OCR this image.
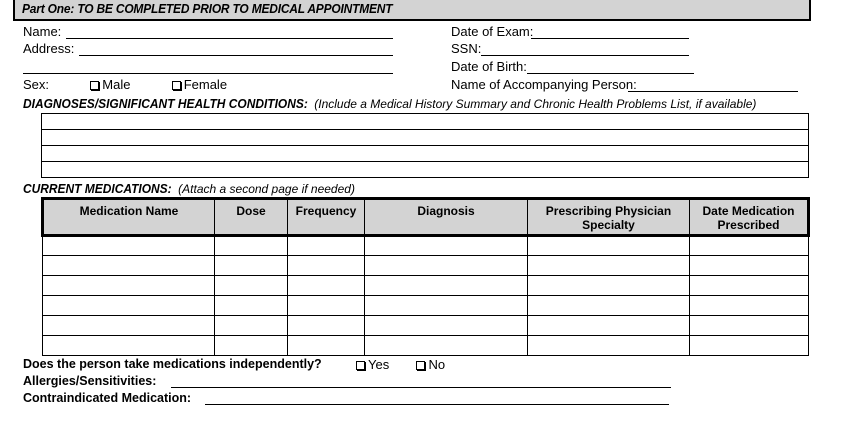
Part One: TO BE COMPLETED PRIOR TO MEDICAL APPOINTMENT
Name:
Address:
Sex:	Male	Female
Date of Exam:
SSN:
Date of Birth:
Name of Accompanying Person:
DIAGNOSES/SIGNIFICANT HEALTH CONDITIONS: (Include a Medical History Summary and Chronic Health Problems List, if available)
CURRENT MEDICATIONS: (Attach a second page if needed)
Medication Name	Dose	Frequency	Diagnosis	Prescribing Physician Specialty	Date Medication Prescribed

Does the person take medications independently?	Yes	No
Allergies/Sensitivities:
Contraindicated Medication:
